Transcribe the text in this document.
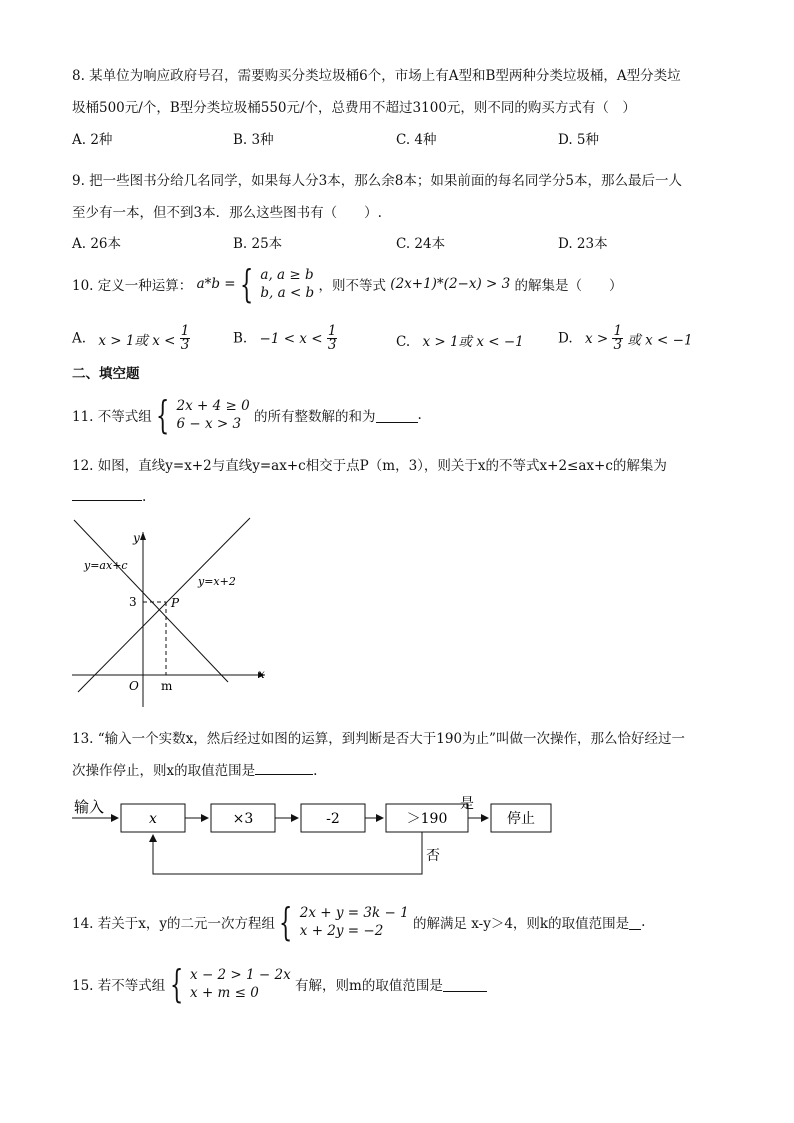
8. 某单位为响应政府号召，需要购买分类垃圾桶6个，市场上有A型和B型两种分类垃圾桶，A型分类垃
圾桶500元/个，B型分类垃圾桶550元/个，总费用不超过3100元，则不同的购买方式有（　）
A. 2种	B. 3种	C. 4种	D. 5种
9. 把一些图书分给几名同学，如果每人分3本，那么余8本；如果前面的每名同学分5本，那么最后一人
至少有一本，但不到3本．那么这些图书有（　　）.
A. 26本	B. 25本	C. 24本	D. 23本
10. 定义一种运算： a*b = { a, a ≥ b
b, a < b ，则不等式 (2x+1)*(2−x) > 3 的解集是（　　）
A. x > 1或 $x < \frac{1}{3}$	B. $-1 < x < \frac{1}{3}$	C. x > 1或 x < −1	D. $x > \frac{1}{3}$ 或 x < −1
二、填空题
11. 不等式组 { 2x + 4 ≥ 0
6 − x > 3 的所有整数解的和为	.
12. 如图，直线y=x+2与直线y=ax+c相交于点P（m，3），则关于x的不等式x+2≤ax+c的解集为
.
y
x
O m
3	P
y=ax+c
y=x+2
13. “输入一个实数x，然后经过如图的运算，到判断是否大于190为止”叫做一次操作，那么恰好经过一
次操作停止，则x的取值范围是	.
输入
x	×3	-2	＞190
是
停止
否
14. 若关于x，y的二元一次方程组 { 2x + y = 3k − 1
x + 2y = −2	的解满足 x-y＞4，则k的取值范围是 .
15. 若不等式组 { x − 2 > 1 − 2x
x + m ≤ 0	有解，则m的取值范围是
